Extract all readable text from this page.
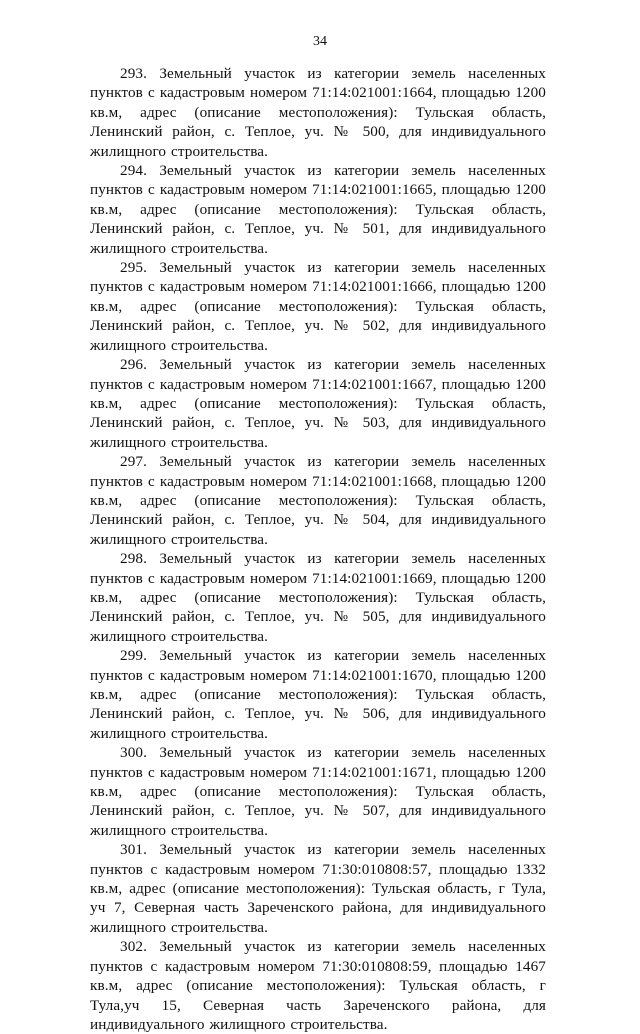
34

293. Земельный участок из категории земель населенных пунктов с кадастровым номером 71:14:021001:1664, площадью 1200 кв.м, адрес (описание местоположения): Тульская область, Ленинский район, с. Теплое, уч. № 500, для индивидуального жилищного строительства.

294. Земельный участок из категории земель населенных пунктов с кадастровым номером 71:14:021001:1665, площадью 1200 кв.м, адрес (описание местоположения): Тульская область, Ленинский район, с. Теплое, уч. № 501, для индивидуального жилищного строительства.

295. Земельный участок из категории земель населенных пунктов с кадастровым номером 71:14:021001:1666, площадью 1200 кв.м, адрес (описание местоположения): Тульская область, Ленинский район, с. Теплое, уч. № 502, для индивидуального жилищного строительства.

296. Земельный участок из категории земель населенных пунктов с кадастровым номером 71:14:021001:1667, площадью 1200 кв.м, адрес (описание местоположения): Тульская область, Ленинский район, с. Теплое, уч. № 503, для индивидуального жилищного строительства.

297. Земельный участок из категории земель населенных пунктов с кадастровым номером 71:14:021001:1668, площадью 1200 кв.м, адрес (описание местоположения): Тульская область, Ленинский район, с. Теплое, уч. № 504, для индивидуального жилищного строительства.

298. Земельный участок из категории земель населенных пунктов с кадастровым номером 71:14:021001:1669, площадью 1200 кв.м, адрес (описание местоположения): Тульская область, Ленинский район, с. Теплое, уч. № 505, для индивидуального жилищного строительства.

299. Земельный участок из категории земель населенных пунктов с кадастровым номером 71:14:021001:1670, площадью 1200 кв.м, адрес (описание местоположения): Тульская область, Ленинский район, с. Теплое, уч. № 506, для индивидуального жилищного строительства.

300. Земельный участок из категории земель населенных пунктов с кадастровым номером 71:14:021001:1671, площадью 1200 кв.м, адрес (описание местоположения): Тульская область, Ленинский район, с. Теплое, уч. № 507, для индивидуального жилищного строительства.

301. Земельный участок из категории земель населенных пунктов с кадастровым номером 71:30:010808:57, площадью 1332 кв.м, адрес (описание местоположения): Тульская область, г Тула, уч 7, Северная часть Зареченского района, для индивидуального жилищного строительства.

302. Земельный участок из категории земель населенных пунктов с кадастровым номером 71:30:010808:59, площадью 1467 кв.м, адрес (описание местоположения): Тульская область, г Тула,уч 15, Северная часть Зареченского района, для индивидуального жилищного строительства.
